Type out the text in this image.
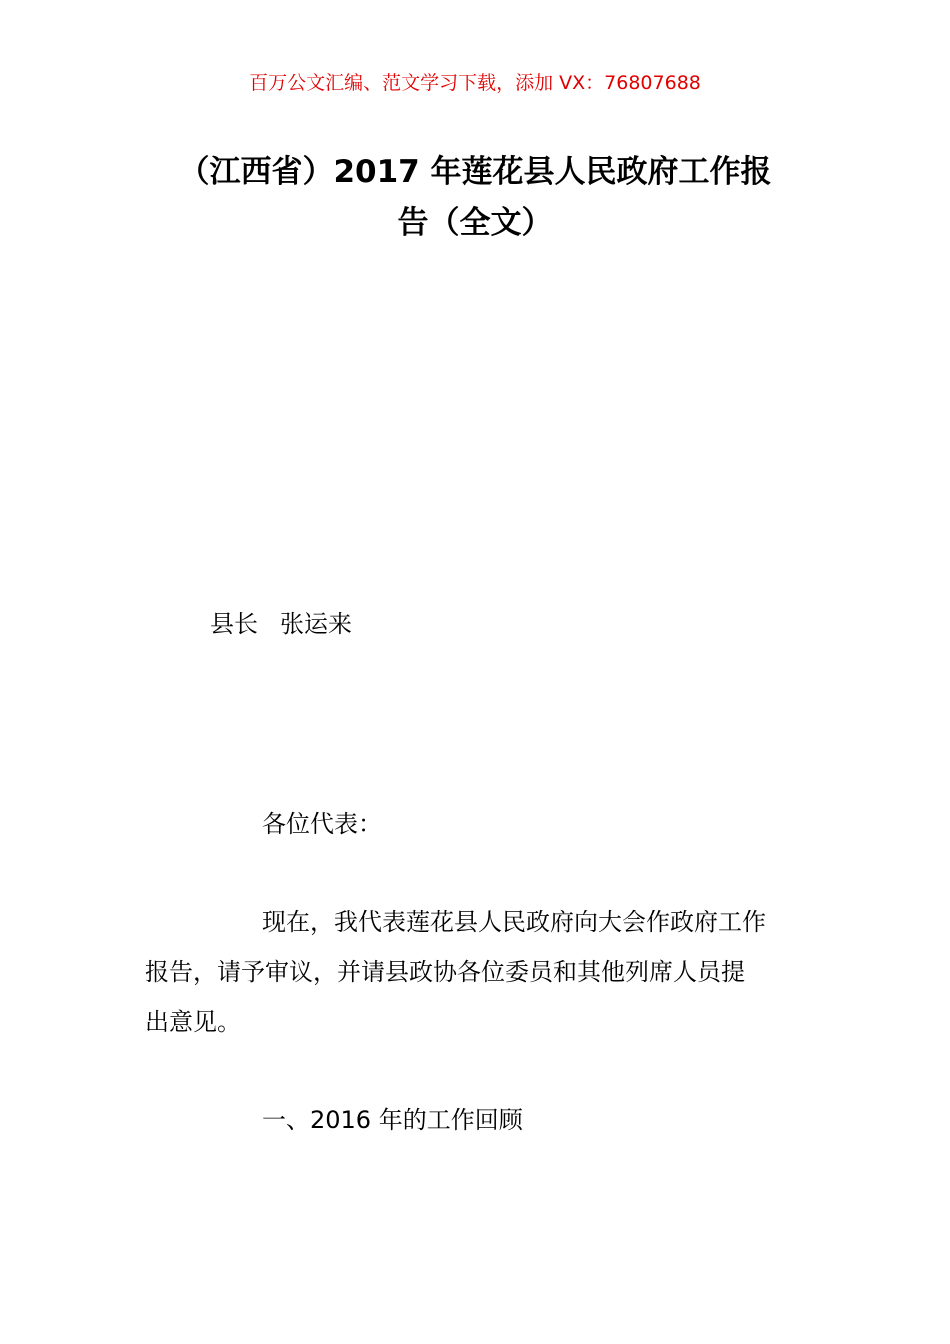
百万公文汇编、范文学习下载，添加 VX：76807688
（江西省）2017 年莲花县人民政府工作报
告（全文）
县长 张运来
各位代表：
现在，我代表莲花县人民政府向大会作政府工作
报告，请予审议，并请县政协各位委员和其他列席人员提
出意见。
一、2016 年的工作回顾
